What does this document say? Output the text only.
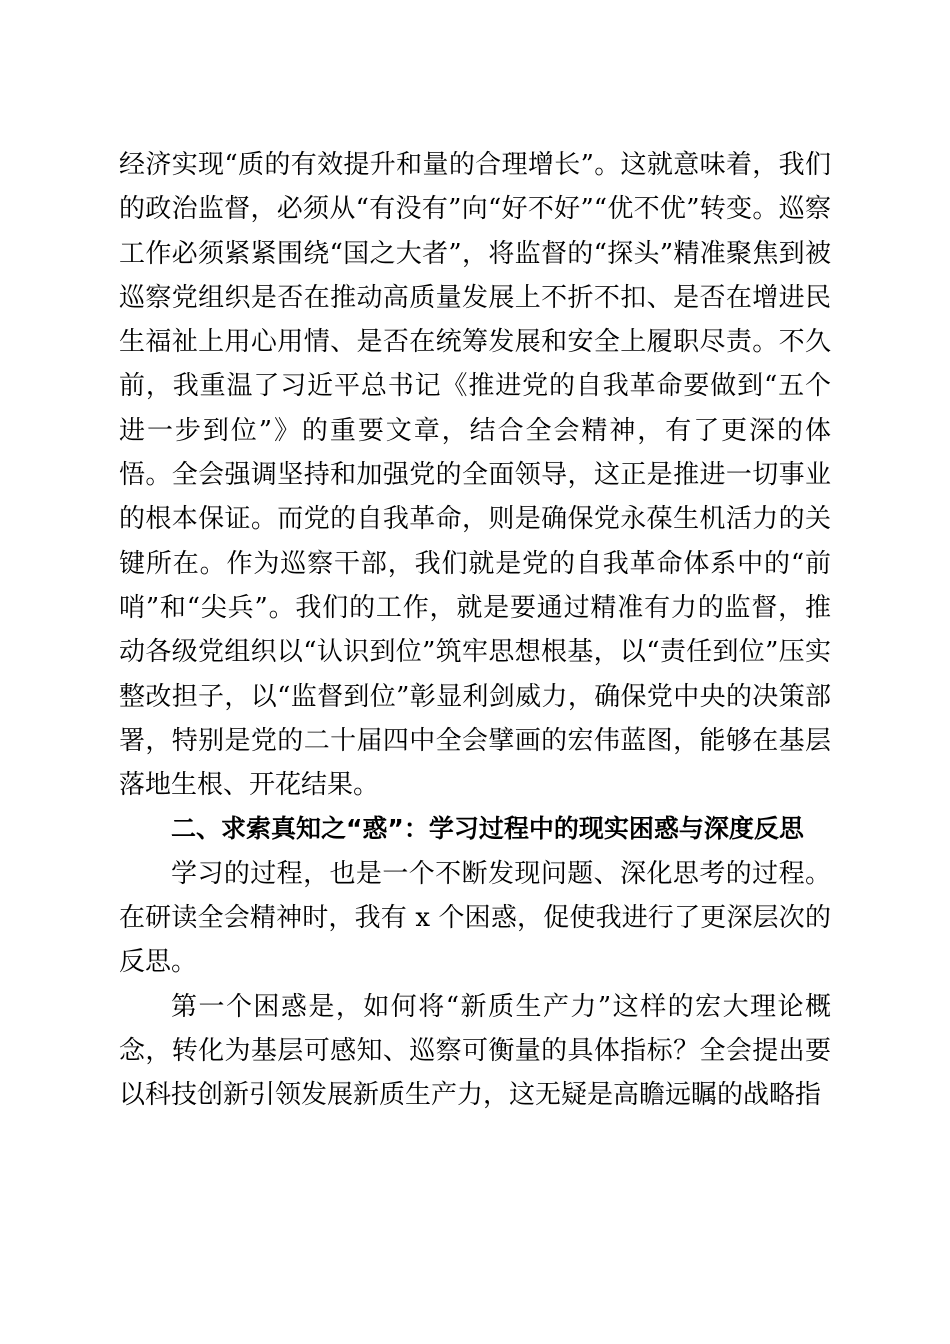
经济实现“质的有效提升和量的合理增长”。这就意味着，我们的政治监督，必须从“有没有”向“好不好”“优不优”转变。巡察工作必须紧紧围绕“国之大者”，将监督的“探头”精准聚焦到被巡察党组织是否在推动高质量发展上不折不扣、是否在增进民生福祉上用心用情、是否在统筹发展和安全上履职尽责。不久前，我重温了习近平总书记《推进党的自我革命要做到“五个进一步到位”》的重要文章，结合全会精神，有了更深的体悟。全会强调坚持和加强党的全面领导，这正是推进一切事业的根本保证。而党的自我革命，则是确保党永葆生机活力的关键所在。作为巡察干部，我们就是党的自我革命体系中的“前哨”和“尖兵”。我们的工作，就是要通过精准有力的监督，推动各级党组织以“认识到位”筑牢思想根基，以“责任到位”压实整改担子，以“监督到位”彰显利剑威力，确保党中央的决策部署，特别是党的二十届四中全会擘画的宏伟蓝图，能够在基层落地生根、开花结果。

二、求索真知之“惑”：学习过程中的现实困惑与深度反思

学习的过程，也是一个不断发现问题、深化思考的过程。在研读全会精神时，我有 x 个困惑，促使我进行了更深层次的反思。

第一个困惑是，如何将“新质生产力”这样的宏大理论概念，转化为基层可感知、巡察可衡量的具体指标？全会提出要以科技创新引领发展新质生产力，这无疑是高瞻远瞩的战略指
